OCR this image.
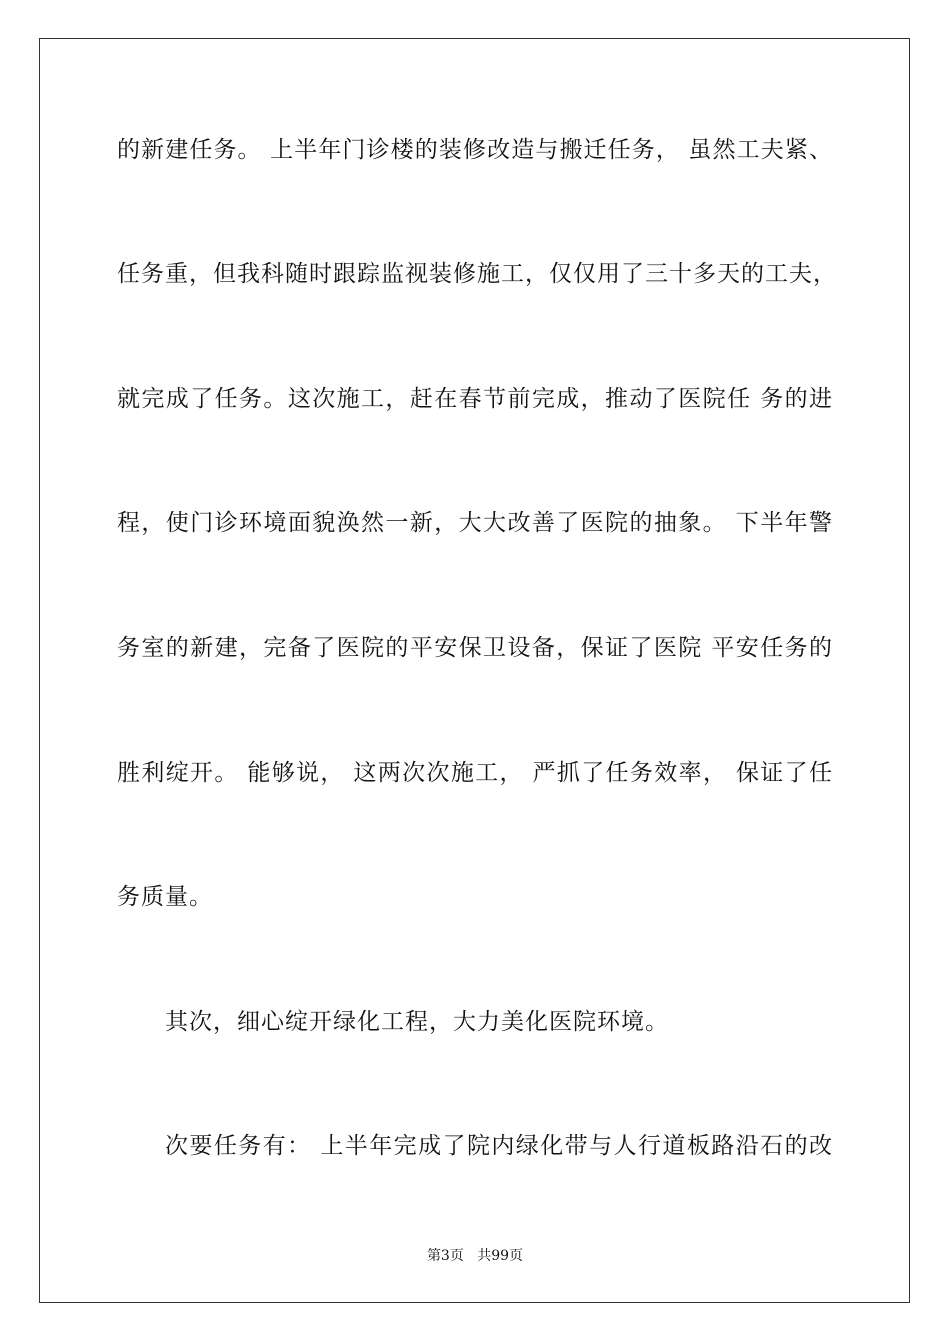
的新建任务。 上半年门诊楼的装修改造与搬迁任务， 虽然工夫紧、
任务重，但我科随时跟踪监视装修施工，仅仅用了三十多天的工夫，
就完成了任务。这次施工，赶在春节前完成，推动了医院任 务的进
程，使门诊环境面貌涣然一新，大大改善了医院的抽象。 下半年警
务室的新建，完备了医院的平安保卫设备，保证了医院 平安任务的
胜利绽开。 能够说， 这两次次施工， 严抓了任务效率， 保证了任
务质量。
其次，细心绽开绿化工程，大力美化医院环境。
次要任务有： 上半年完成了院内绿化带与人行道板路沿石的改
第3页 共99页
